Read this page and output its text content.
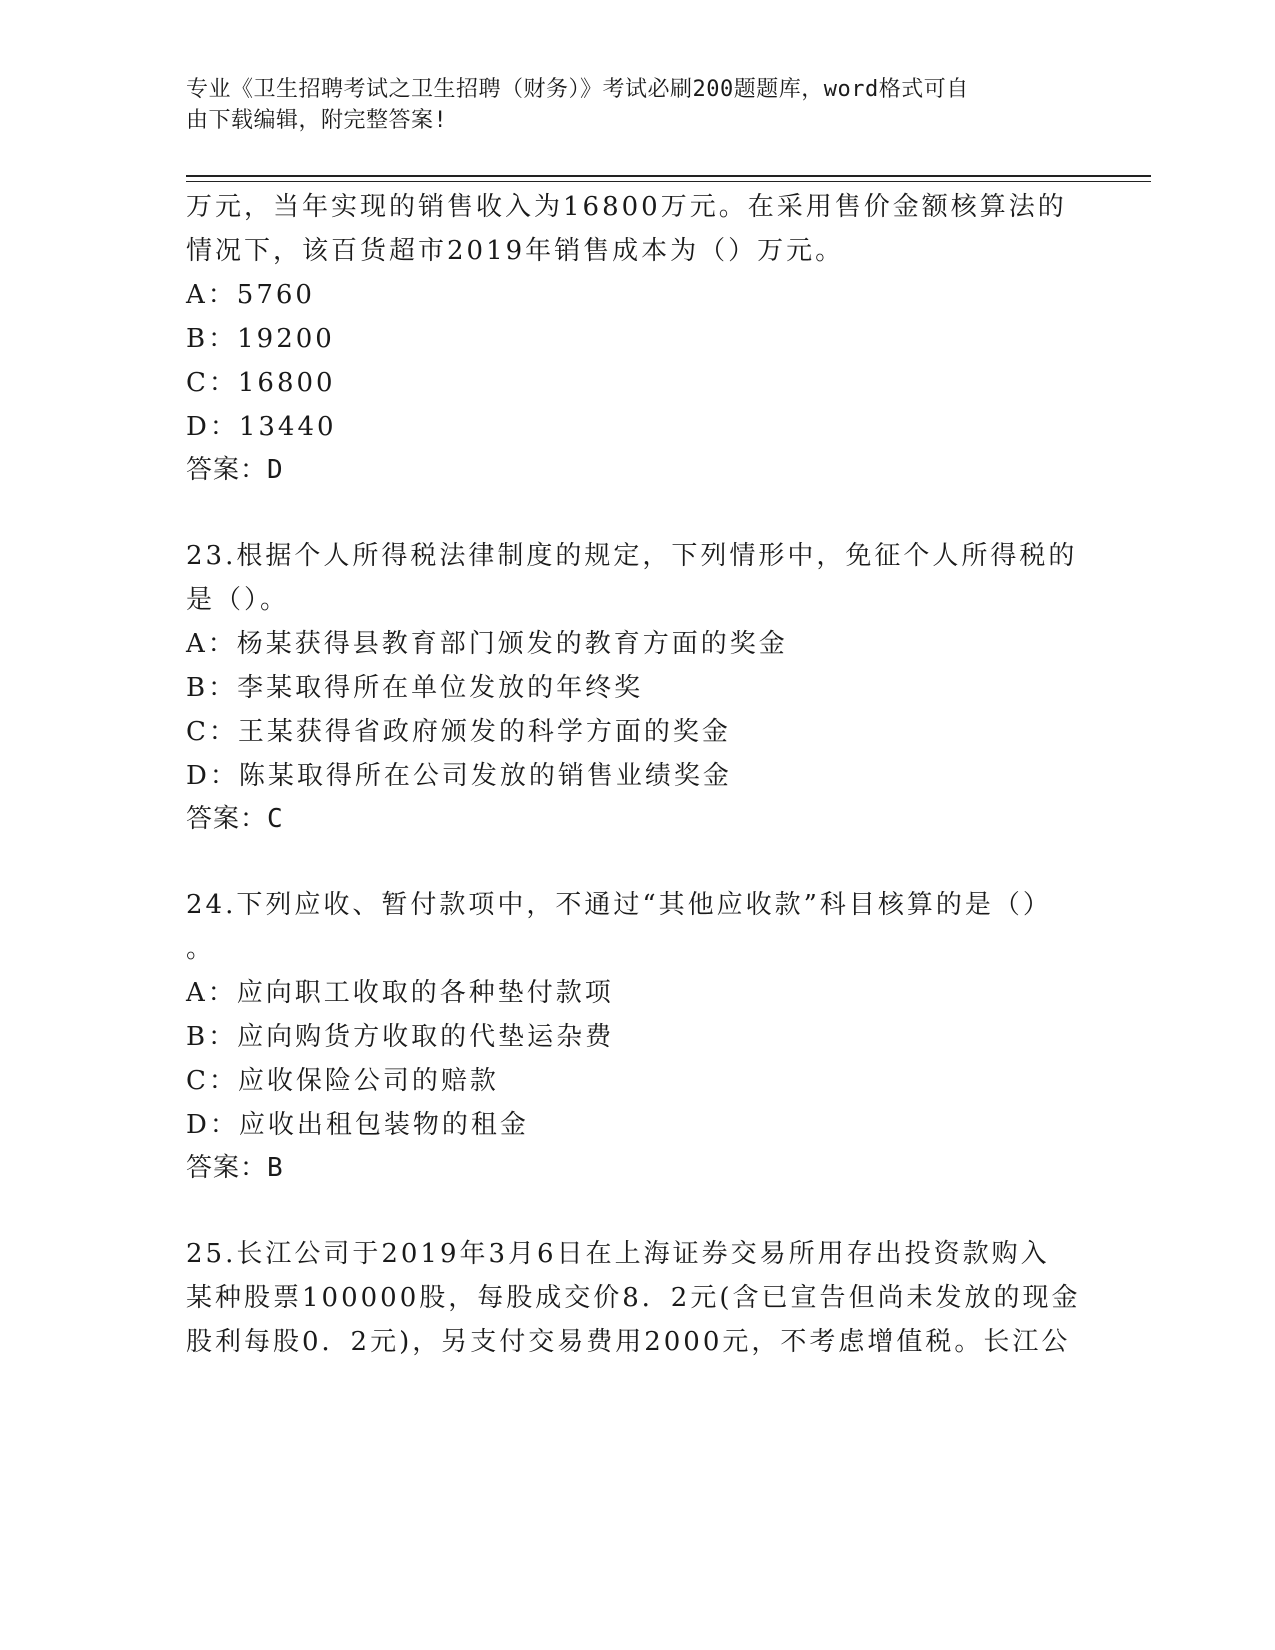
专业《卫生招聘考试之卫生招聘（财务）》考试必刷200题题库，word格式可自
由下载编辑，附完整答案!
万元，当年实现的销售收入为16800万元。在采用售价金额核算法的
情况下，该百货超市2019年销售成本为（）万元。
A：5760
B：19200
C：16800
D：13440
答案：D
23.根据个人所得税法律制度的规定，下列情形中，免征个人所得税的
是（）。
A：杨某获得县教育部门颁发的教育方面的奖金
B：李某取得所在单位发放的年终奖
C：王某获得省政府颁发的科学方面的奖金
D：陈某取得所在公司发放的销售业绩奖金
答案：C
24.下列应收、暂付款项中，不通过“其他应收款”科目核算的是（）
。
A：应向职工收取的各种垫付款项
B：应向购货方收取的代垫运杂费
C：应收保险公司的赔款
D：应收出租包装物的租金
答案：B
25.长江公司于2019年3月6日在上海证券交易所用存出投资款购入
某种股票100000股，每股成交价8．2元(含已宣告但尚未发放的现金
股利每股0．2元)，另支付交易费用2000元，不考虑增值税。长江公
